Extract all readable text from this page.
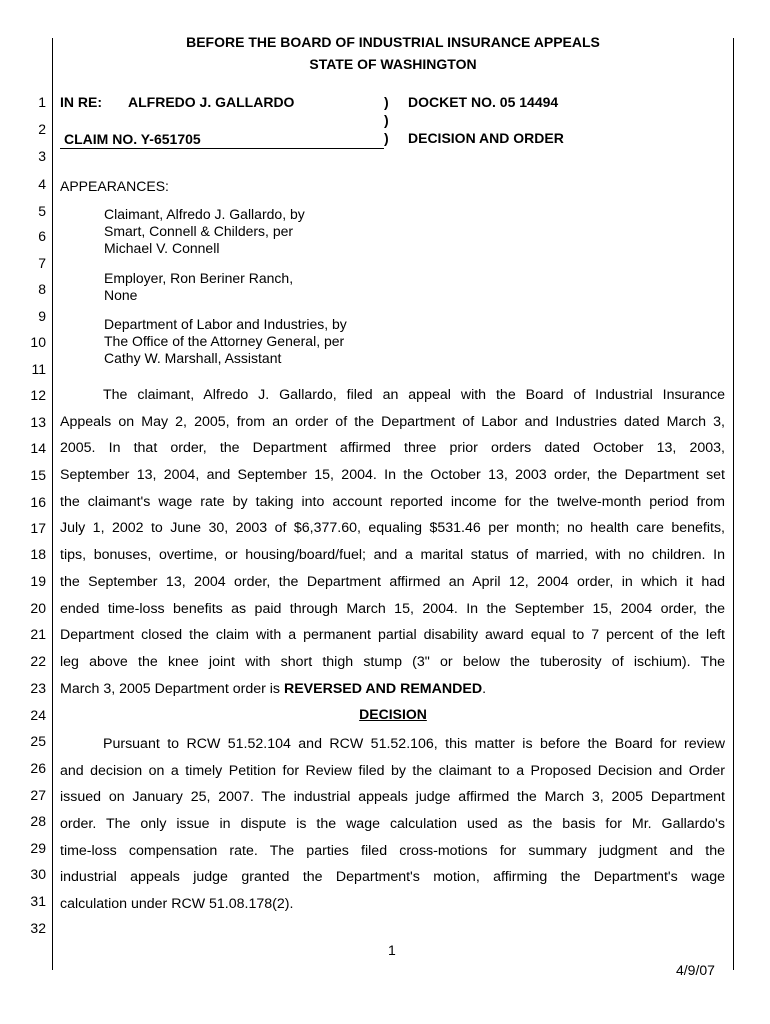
BEFORE THE BOARD OF INDUSTRIAL INSURANCE APPEALS
STATE OF WASHINGTON
1
2
3
4
5
6
7
8
9
10
11
12
13
14
15
16
17
18
19
20
21
22
23
24
25
26
27
28
29
30
31
32
IN RE: ALFREDO J. GALLARDO	)
)
)
DOCKET NO. 05 14494
DECISION AND ORDER
CLAIM NO. Y-651705
APPEARANCES:
Claimant, Alfredo J. Gallardo, by
Smart, Connell & Childers, per
Michael V. Connell
Employer, Ron Beriner Ranch,
None
Department of Labor and Industries, by
The Office of the Attorney General, per
Cathy W. Marshall, Assistant
The claimant, Alfredo J. Gallardo, filed an appeal with the Board of Industrial Insurance
Appeals on May 2, 2005, from an order of the Department of Labor and Industries dated March 3,
2005. In that order, the Department affirmed three prior orders dated October 13, 2003,
September 13, 2004, and September 15, 2004. In the October 13, 2003 order, the Department set
the claimant's wage rate by taking into account reported income for the twelve-month period from
July 1, 2002 to June 30, 2003 of $6,377.60, equaling $531.46 per month; no health care benefits,
tips, bonuses, overtime, or housing/board/fuel; and a marital status of married, with no children. In
the September 13, 2004 order, the Department affirmed an April 12, 2004 order, in which it had
ended time-loss benefits as paid through March 15, 2004. In the September 15, 2004 order, the
Department closed the claim with a permanent partial disability award equal to 7 percent of the left
leg above the knee joint with short thigh stump (3" or below the tuberosity of ischium). The
March 3, 2005 Department order is REVERSED AND REMANDED.
DECISION
Pursuant to RCW 51.52.104 and RCW 51.52.106, this matter is before the Board for review
and decision on a timely Petition for Review filed by the claimant to a Proposed Decision and Order
issued on January 25, 2007. The industrial appeals judge affirmed the March 3, 2005 Department
order. The only issue in dispute is the wage calculation used as the basis for Mr. Gallardo's
time-loss compensation rate. The parties filed cross-motions for summary judgment and the
industrial appeals judge granted the Department's motion, affirming the Department's wage
calculation under RCW 51.08.178(2).
1
4/9/07
